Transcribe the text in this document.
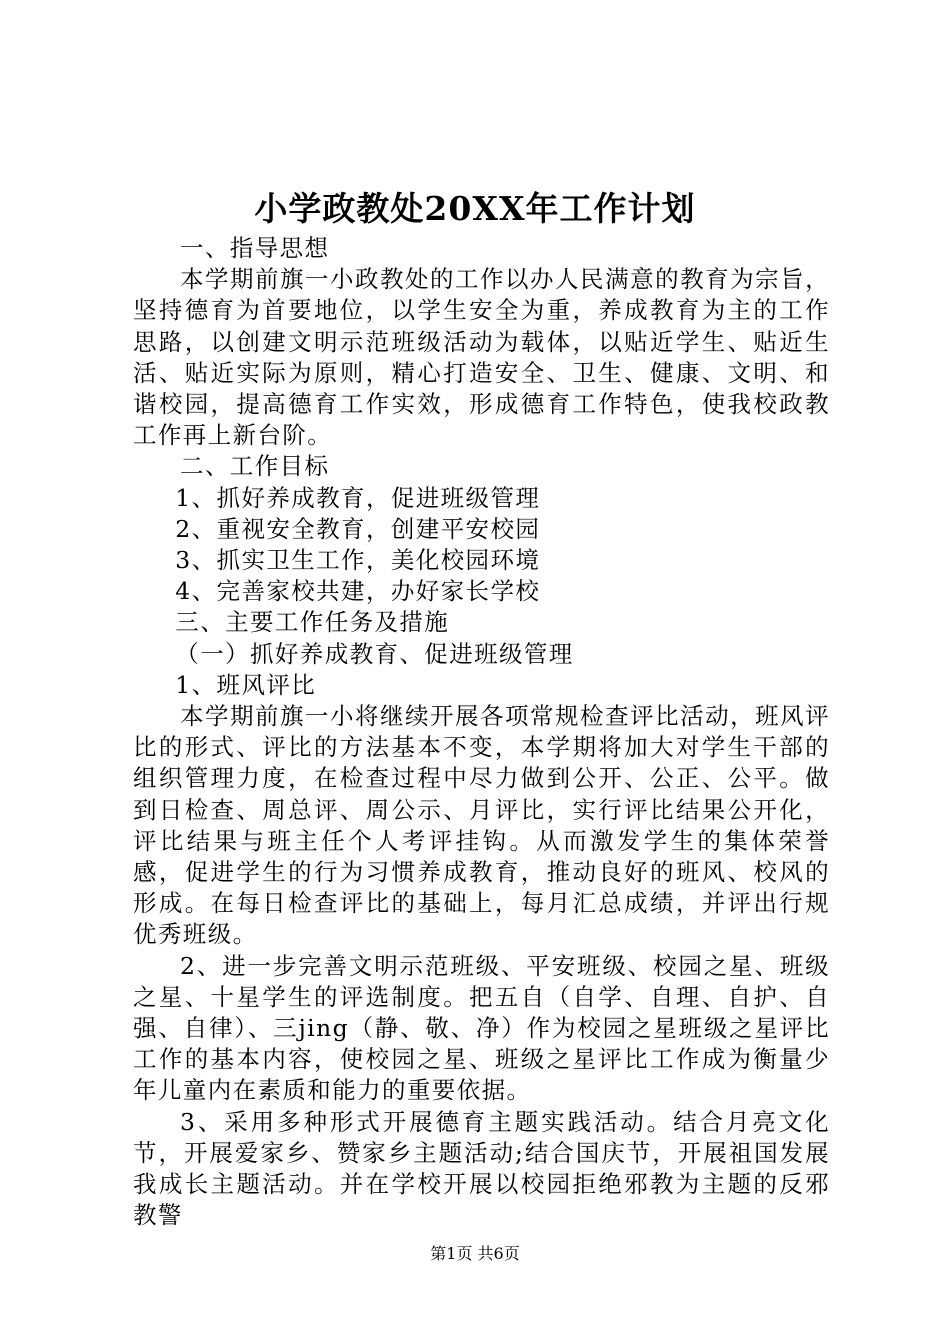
小学政教处20XX年工作计划

一、指导思想

本学期前旗一小政教处的工作以办人民满意的教育为宗旨，坚持德育为首要地位，以学生安全为重，养成教育为主的工作思路，以创建文明示范班级活动为载体，以贴近学生、贴近生活、贴近实际为原则，精心打造安全、卫生、健康、文明、和谐校园，提高德育工作实效，形成德育工作特色，使我校政教工作再上新台阶。

二、工作目标

1、抓好养成教育，促进班级管理

2、重视安全教育，创建平安校园

3、抓实卫生工作，美化校园环境

4、完善家校共建，办好家长学校

三、主要工作任务及措施

（一）抓好养成教育、促进班级管理

1、班风评比

本学期前旗一小将继续开展各项常规检查评比活动，班风评比的形式、评比的方法基本不变，本学期将加大对学生干部的组织管理力度，在检查过程中尽力做到公开、公正、公平。做到日检查、周总评、周公示、月评比，实行评比结果公开化，评比结果与班主任个人考评挂钩。从而激发学生的集体荣誉感，促进学生的行为习惯养成教育，推动良好的班风、校风的形成。在每日检查评比的基础上，每月汇总成绩，并评出行规优秀班级。

2、进一步完善文明示范班级、平安班级、校园之星、班级之星、十星学生的评选制度。把五自（自学、自理、自护、自强、自律）、三jing（静、敬、净）作为校园之星班级之星评比工作的基本内容，使校园之星、班级之星评比工作成为衡量少年儿童内在素质和能力的重要依据。

3、采用多种形式开展德育主题实践活动。结合月亮文化节，开展爱家乡、赞家乡主题活动;结合国庆节，开展祖国发展我成长主题活动。并在学校开展以校园拒绝邪教为主题的反邪教警

第1页 共6页
